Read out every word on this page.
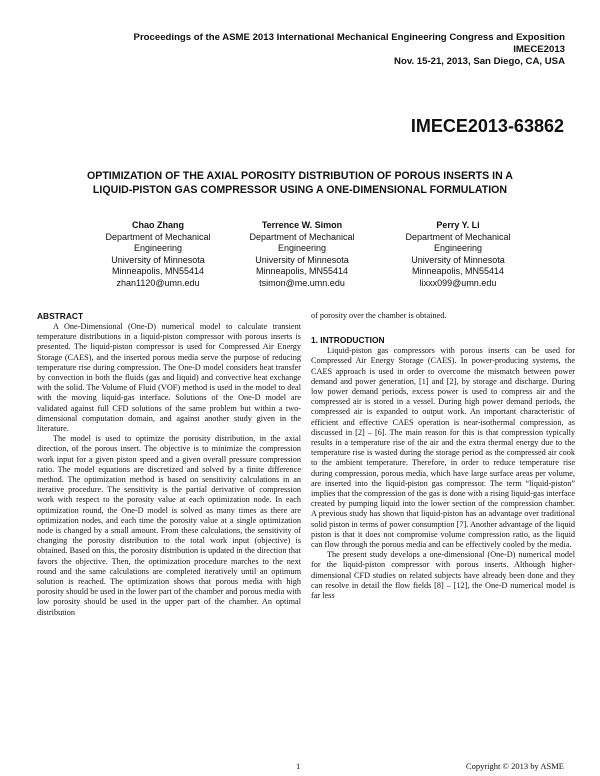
Proceedings of the ASME 2013 International Mechanical Engineering Congress and Exposition
IMECE2013
Nov. 15-21, 2013, San Diego, CA, USA
IMECE2013-63862
OPTIMIZATION OF THE AXIAL POROSITY DISTRIBUTION OF POROUS INSERTS IN A
LIQUID-PISTON GAS COMPRESSOR USING A ONE-DIMENSIONAL FORMULATION
Chao Zhang
Department of Mechanical
Engineering
University of Minnesota
Minneapolis, MN55414
zhan1120@umn.edu
Terrence W. Simon
Department of Mechanical
Engineering
University of Minnesota
Minneapolis, MN55414
tsimon@me.umn.edu
Perry Y. Li
Department of Mechanical
Engineering
University of Minnesota
Minneapolis, MN55414
lixxx099@umn.edu
ABSTRACT

A One-Dimensional (One-D) numerical model to calculate transient temperature distributions in a liquid-piston compressor with porous inserts is presented. The liquid-piston compressor is used for Compressed Air Energy Storage (CAES), and the inserted porous media serve the purpose of reducing temperature rise during compression. The One-D model considers heat transfer by convection in both the fluids (gas and liquid) and convective heat exchange with the solid. The Volume of Fluid (VOF) method is used in the model to deal with the moving liquid-gas interface. Solutions of the One-D model are validated against full CFD solutions of the same problem but within a two-dimensional computation domain, and against another study given in the literature.

The model is used to optimize the porosity distribution, in the axial direction, of the porous insert. The objective is to minimize the compression work input for a given piston speed and a given overall pressure compression ratio. The model equations are discretized and solved by a finite difference method. The optimization method is based on sensitivity calculations in an iterative procedure. The sensitivity is the partial derivative of compression work with respect to the porosity value at each optimization node. In each optimization round, the One-D model is solved as many times as there are optimization nodes, and each time the porosity value at a single optimization node is changed by a small amount. From these calculations, the sensitivity of changing the porosity distribution to the total work input (objective) is obtained. Based on this, the porosity distribution is updated in the direction that favors the objective. Then, the optimization procedure marches to the next round and the same calculations are completed iteratively until an optimum solution is reached. The optimization shows that porous media with high porosity should be used in the lower part of the chamber and porous media with low porosity should be used in the upper part of the chamber. An optimal distribution

of porosity over the chamber is obtained.

1. INTRODUCTION

Liquid-piston gas compressors with porous inserts can be used for Compressed Air Energy Storage (CAES). In power-producing systems, the CAES approach is used in order to overcome the mismatch between power demand and power generation, [1] and [2], by storage and discharge. During low power demand periods, excess power is used to compress air and the compressed air is stored in a vessel. During high power demand periods, the compressed air is expanded to output work. An important characteristic of efficient and effective CAES operation is near-isothermal compression, as discussed in [2] – [6]. The main reason for this is that compression typically results in a temperature rise of the air and the extra thermal energy due to the temperature rise is wasted during the storage period as the compressed air cook to the ambient temperature. Therefore, in order to reduce temperature rise during compression, porous media, which have large surface areas per volume, are inserted into the liquid-piston gas compressor. The term “liquid-piston” implies that the compression of the gas is done with a rising liquid-gas interface created by pumping liquid into the lower section of the compression chamber. A previous study has shown that liquid-piston has an advantage over traditional solid piston in terms of power consumption [7]. Another advantage of the liquid piston is that it does not compromise volume compression ratio, as the liquid can flow through the porous media and can be effectively cooled by the media.

The present study develops a one-dimensional (One-D) numerical model for the liquid-piston compressor with porous inserts. Although higher-dimensional CFD studies on related subjects have already been done and they can resolve in detail the flow fields [8] – [12], the One-D numerical model is far less

1	Copyright © 2013 by ASME
